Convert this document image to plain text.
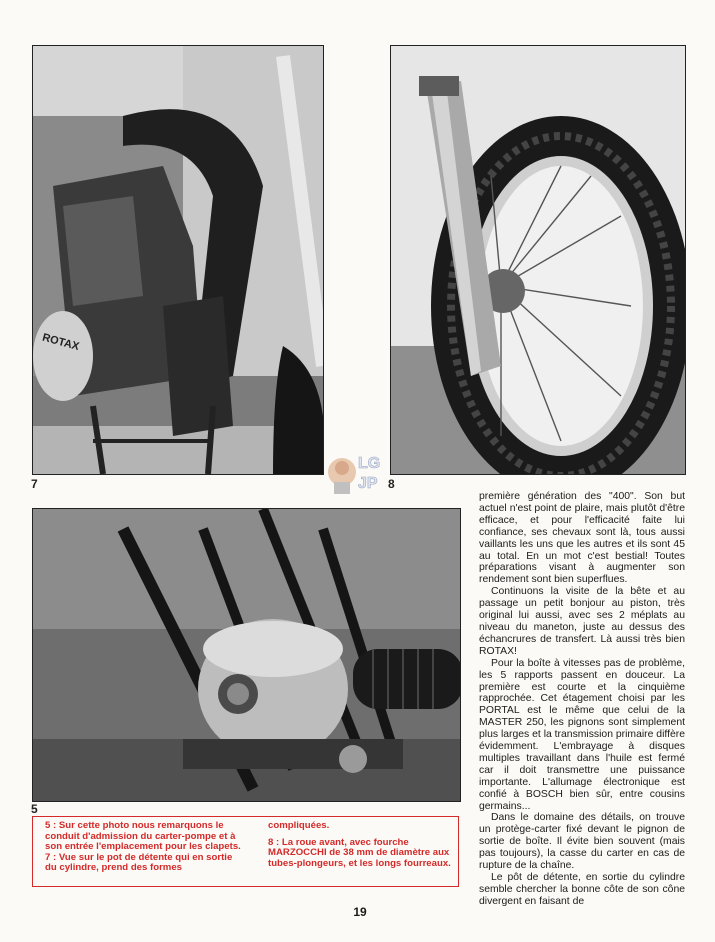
ROTAX
7	8
LG
JP
5

première génération des "400". Son but actuel n'est point de plaire, mais plutôt d'être efficace, et pour l'efficacité faite lui confiance, ses chevaux sont là, tous aussi vaillants les uns que les autres et ils sont 45 au total. En un mot c'est bestial! Toutes préparations visant à augmenter son rendement sont bien superflues.

Continuons la visite de la bête et au passage un petit bonjour au piston, très original lui aussi, avec ses 2 méplats au niveau du maneton, juste au dessus des échancrures de transfert. Là aussi très bien ROTAX!

Pour la boîte à vitesses pas de problème, les 5 rapports passent en douceur. La première est courte et la cinquième rapprochée. Cet étagement choisi par les PORTAL est le même que celui de la MASTER 250, les pignons sont simplement plus larges et la transmission primaire diffère évidemment. L'embrayage à disques multiples travaillant dans l'huile est fermé car il doit transmettre une puissance importante. L'allumage électronique est confié à BOSCH bien sûr, entre cousins germains...

Dans le domaine des détails, on trouve un protège-carter fixé devant le pignon de sortie de boîte. Il évite bien souvent (mais pas toujours), la casse du carter en cas de rupture de la chaîne.

Le pôt de détente, en sortie du cylindre semble chercher la bonne côte de son cône divergent en faisant de

5 : Sur cette photo nous remarquons le conduit d'admission du carter-pompe et à son entrée l'emplacement pour les clapets.

7 : Vue sur le pot de détente qui en sortie du cylindre, prend des formes

compliquées.

8 : La roue avant, avec fourche MARZOCCHI de 38 mm de diamètre aux tubes-plongeurs, et les longs fourreaux.

19
